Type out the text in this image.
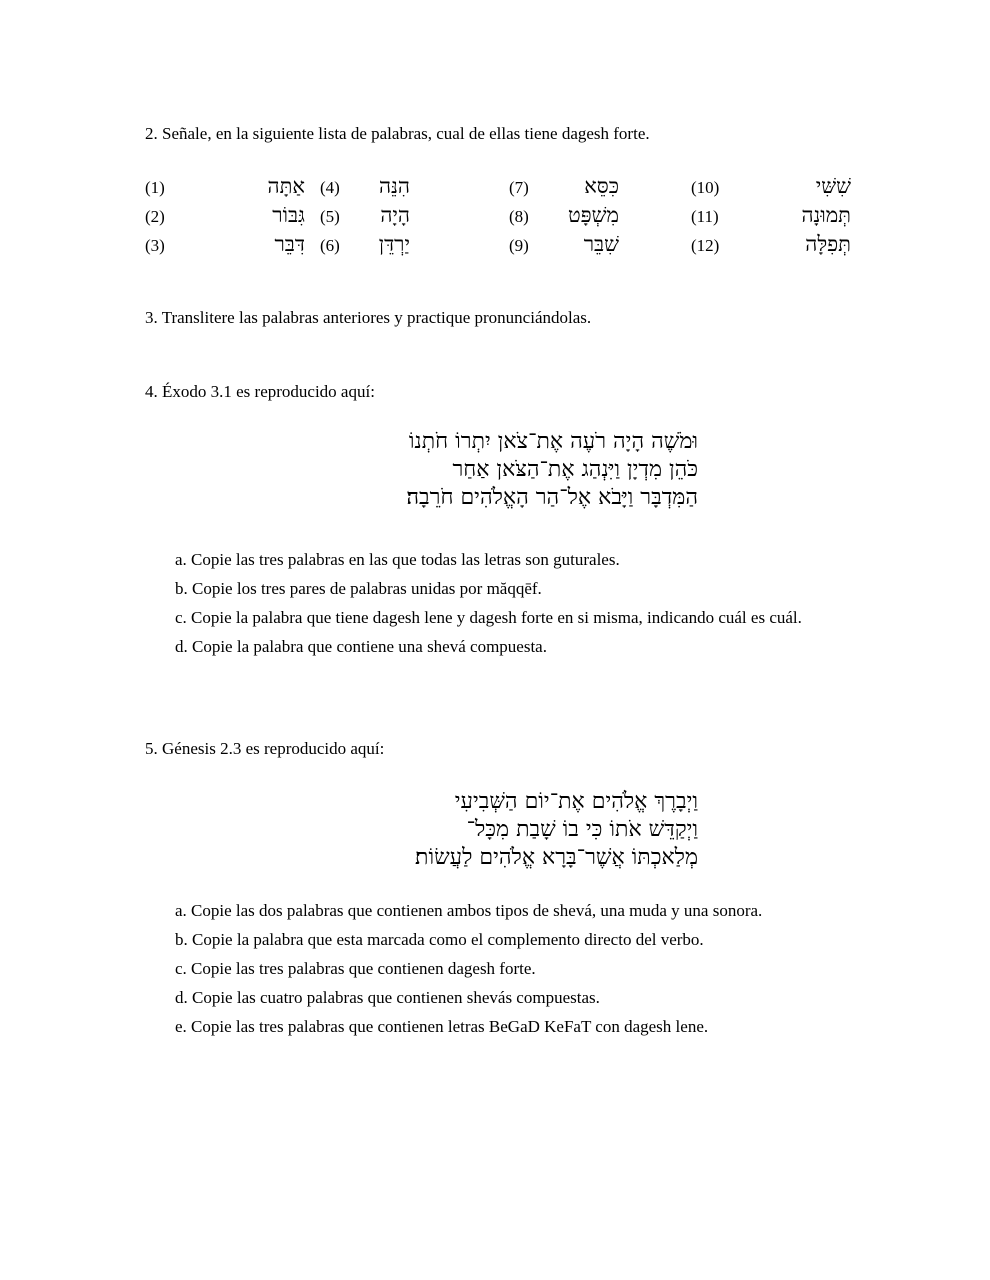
2. Señale, en la siguiente lista de palabras, cual de ellas tiene dagesh forte.
(1)	אַתָּה (4) הִנֵּה	(7)	כִּסֵּא	(10)	שִׁשִּׁי
(2)	גִּבּוֹר (5) הָיָה	(8) מִשְׁפָּט	(11)	תְּמוּנָה
(3)	דִּבֵּר (6) יַרְדֵּן	(9)	שִׁבֵּר	(12)	תְּפִלָּה
3. Translitere las palabras anteriores y practique pronunciándolas.
4. Éxodo 3.1 es reproducido aquí:
וּמֹשֶׁה הָיָה רֹעֶה אֶת־צֹאן יִתְרוֹ חֹתְנוֹ
כֹּהֵן מִדְיָן וַיִּנְהַג אֶת־הַצֹּאן אַחַר
הַמִּדְבָּר וַיָּבֹא אֶל־הַר הָאֱלֹהִים חֹרֵבָה׃
a. Copie las tres palabras en las que todas las letras son guturales.
b. Copie los tres pares de palabras unidas por măqqēf.
c. Copie la palabra que tiene dagesh lene y dagesh forte en si misma, indicando cuál es cuál.
d. Copie la palabra que contiene una shevá compuesta.
5. Génesis 2.3 es reproducido aquí:
וַיְבָרֶךְ אֱלֹהִים אֶת־יוֹם הַשְּׁבִיעִי
וַיְקַדֵּשׁ אֹתוֹ כִּי בוֹ שָׁבַת מִכָּל־
מְלַאכְתּוֹ אֲשֶׁר־בָּרָא אֱלֹהִים לַעֲשׂוֹת׃
a. Copie las dos palabras que contienen ambos tipos de shevá, una muda y una sonora.
b. Copie la palabra que esta marcada como el complemento directo del verbo.
c. Copie las tres palabras que contienen dagesh forte.
d. Copie las cuatro palabras que contienen shevás compuestas.
e. Copie las tres palabras que contienen letras BeGaD KeFaT con dagesh lene.
